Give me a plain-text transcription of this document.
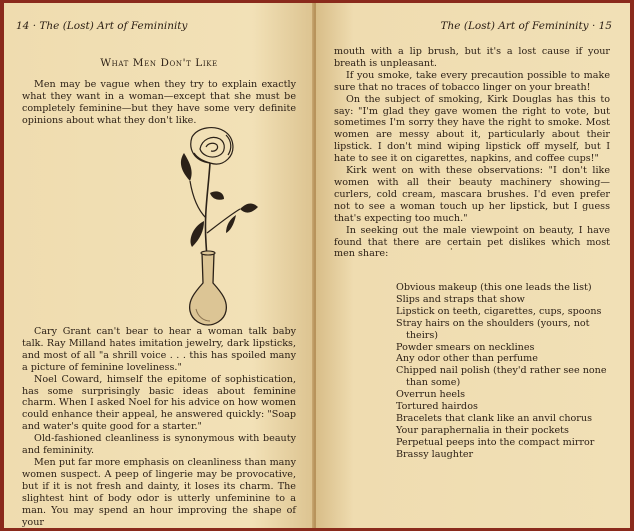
14 · The (Lost) Art of Femininity
What Men Don't Like

Men may be vague when they try to explain exactly what they want in a woman—except that she must be completely feminine—but they have some very definite opinions about what they don't like.

Cary Grant can't bear to hear a woman talk baby talk. Ray Milland hates imitation jewelry, dark lipsticks, and most of all "a shrill voice . . . this has spoiled many a picture of feminine loveliness."

Noel Coward, himself the epitome of sophistication, has some surprisingly basic ideas about feminine charm. When I asked Noel for his advice on how women could enhance their appeal, he answered quickly: "Soap and water's quite good for a starter."

Old-fashioned cleanliness is synonymous with beauty and femininity.

Men put far more emphasis on cleanliness than many women suspect. A peep of lingerie may be provocative, but if it is not fresh and dainty, it loses its charm. The slightest hint of body odor is utterly unfeminine to a man. You may spend an hour improving the shape of your

The (Lost) Art of Femininity · 15

mouth with a lip brush, but it's a lost cause if your breath is unpleasant.

If you smoke, take every precaution possible to make sure that no traces of tobacco linger on your breath!

On the subject of smoking, Kirk Douglas has this to say: "I'm glad they gave women the right to vote, but sometimes I'm sorry they have the right to smoke. Most women are messy about it, particularly about their lipstick. I don't mind wiping lipstick off myself, but I hate to see it on cigarettes, napkins, and coffee cups!"

Kirk went on with these observations: "I don't like women with all their beauty machinery showing—curlers, cold cream, mascara brushes. I'd even prefer not to see a woman touch up her lipstick, but I guess that's expecting too much."

In seeking out the male viewpoint on beauty, I have found that there are certain pet dislikes which most men share:

Obvious makeup (this one leads the list)
Slips and straps that show
Lipstick on teeth, cigarettes, cups, spoons
Stray hairs on the shoulders (yours, not theirs)
Powder smears on necklines
Any odor other than perfume
Chipped nail polish (they'd rather see none than some)
Overrun heels
Tortured hairdos
Bracelets that clank like an anvil chorus
Your paraphernalia in their pockets
Perpetual peeps into the compact mirror
Brassy laughter
·
